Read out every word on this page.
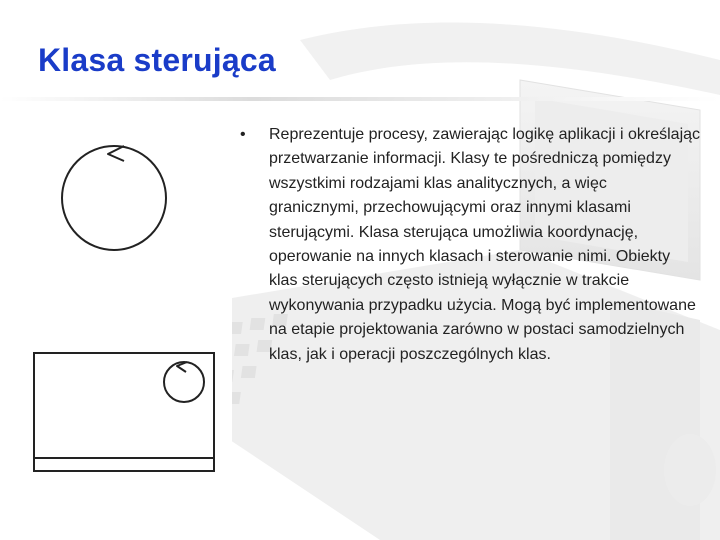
Klasa sterująca
•	Reprezentuje procesy, zawierając logikę aplikacji i określając przetwarzanie informacji. Klasy te pośredniczą pomiędzy wszystkimi rodzajami klas analitycznych, a więc granicznymi, przechowującymi oraz innymi klasami sterującymi. Klasa sterująca umożliwia koordynację, operowanie na innych klasach i sterowanie nimi. Obiekty klas sterujących często istnieją wyłącznie w trakcie wykonywania przypadku użycia. Mogą być implementowane na etapie projektowania zarówno w postaci samodzielnych klas, jak i operacji poszczególnych klas.
